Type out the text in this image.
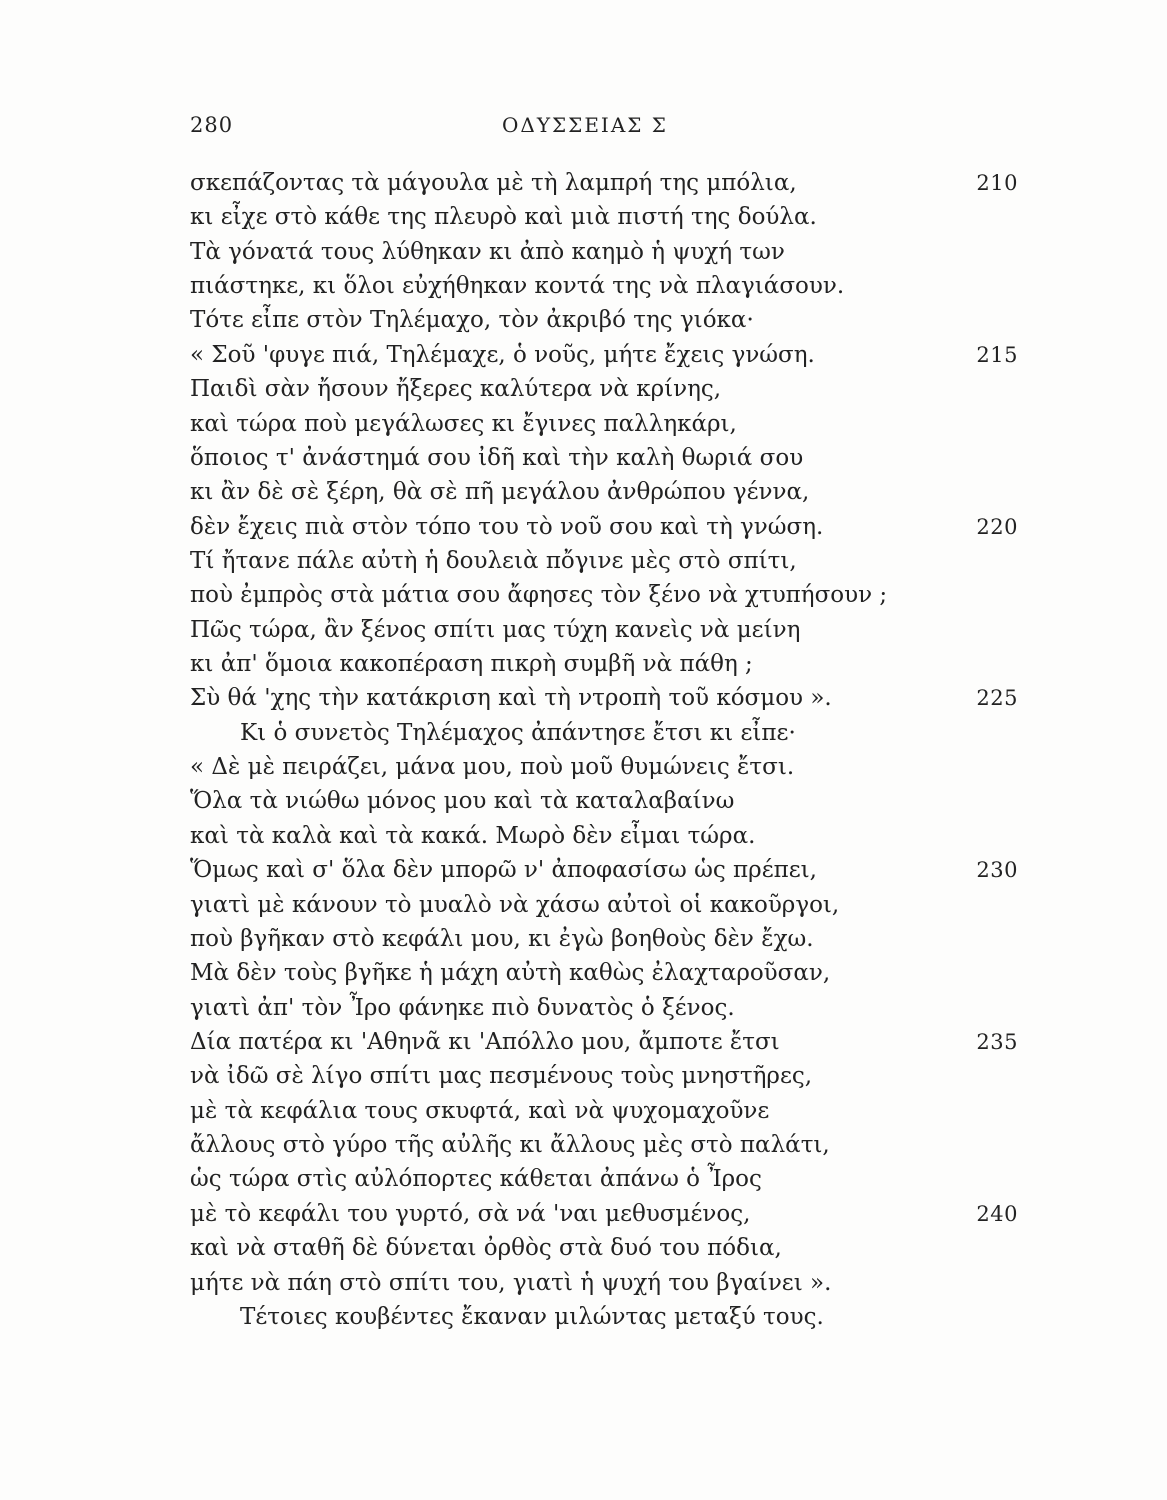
280	ΟΔΥΣΣΕΙΑΣ Σ
σκεπάζοντας τὰ μάγουλα μὲ τὴ λαμπρή της μπόλια,	210
κι εἶχε στὸ κάθε της πλευρὸ καὶ μιὰ πιστή της δούλα.
Τὰ γόνατά τους λύθηκαν κι ἀπὸ καημὸ ἡ ψυχή των
πιάστηκε, κι ὅλοι εὐχήθηκαν κοντά της νὰ πλαγιάσουν.
Τότε εἶπε στὸν Τηλέμαχο, τὸν ἀκριβό της γιόκα·
« Σοῦ 'φυγε πιά, Τηλέμαχε, ὁ νοῦς, μήτε ἔχεις γνώση.	215
Παιδὶ σὰν ἤσουν ἤξερες καλύτερα νὰ κρίνης,
καὶ τώρα ποὺ μεγάλωσες κι ἔγινες παλληκάρι,
ὅποιος τ' ἀνάστημά σου ἰδῆ καὶ τὴν καλὴ θωριά σου
κι ἂν δὲ σὲ ξέρη, θὰ σὲ πῆ μεγάλου ἀνθρώπου γέννα,
δὲν ἔχεις πιὰ στὸν τόπο του τὸ νοῦ σου καὶ τὴ γνώση.	220
Τί ἤτανε πάλε αὐτὴ ἡ δουλειὰ πὄγινε μὲς στὸ σπίτι,
ποὺ ἐμπρὸς στὰ μάτια σου ἄφησες τὸν ξένο νὰ χτυπήσουν ;
Πῶς τώρα, ἂν ξένος σπίτι μας τύχη κανεὶς νὰ μείνη
κι ἀπ' ὅμοια κακοπέραση πικρὴ συμβῆ νὰ πάθη ;
Σὺ θά 'χης τὴν κατάκριση καὶ τὴ ντροπὴ τοῦ κόσμου ».	225
Κι ὁ συνετὸς Τηλέμαχος ἀπάντησε ἔτσι κι εἶπε·
« Δὲ μὲ πειράζει, μάνα μου, ποὺ μοῦ θυμώνεις ἔτσι.
Ὅλα τὰ νιώθω μόνος μου καὶ τὰ καταλαβαίνω
καὶ τὰ καλὰ καὶ τὰ κακά. Μωρὸ δὲν εἶμαι τώρα.
Ὅμως καὶ σ' ὅλα δὲν μπορῶ ν' ἀποφασίσω ὡς πρέπει,	230
γιατὶ μὲ κάνουν τὸ μυαλὸ νὰ χάσω αὐτοὶ οἱ κακοῦργοι,
ποὺ βγῆκαν στὸ κεφάλι μου, κι ἐγὼ βοηθοὺς δὲν ἔχω.
Μὰ δὲν τοὺς βγῆκε ἡ μάχη αὐτὴ καθὼς ἐλαχταροῦσαν,
γιατὶ ἀπ' τὸν Ἶρο φάνηκε πιὸ δυνατὸς ὁ ξένος.
Δία πατέρα κι 'Αθηνᾶ κι 'Απόλλο μου, ἄμποτε ἔτσι	235
νὰ ἰδῶ σὲ λίγο σπίτι μας πεσμένους τοὺς μνηστῆρες,
μὲ τὰ κεφάλια τους σκυφτά, καὶ νὰ ψυχομαχοῦνε
ἄλλους στὸ γύρο τῆς αὐλῆς κι ἄλλους μὲς στὸ παλάτι,
ὡς τώρα στὶς αὐλόπορτες κάθεται ἀπάνω ὁ Ἶρος
μὲ τὸ κεφάλι του γυρτό, σὰ νά 'ναι μεθυσμένος,	240
καὶ νὰ σταθῆ δὲ δύνεται ὀρθὸς στὰ δυό του πόδια,
μήτε νὰ πάη στὸ σπίτι του, γιατὶ ἡ ψυχή του βγαίνει ».
Τέτοιες κουβέντες ἔκαναν μιλώντας μεταξύ τους.
